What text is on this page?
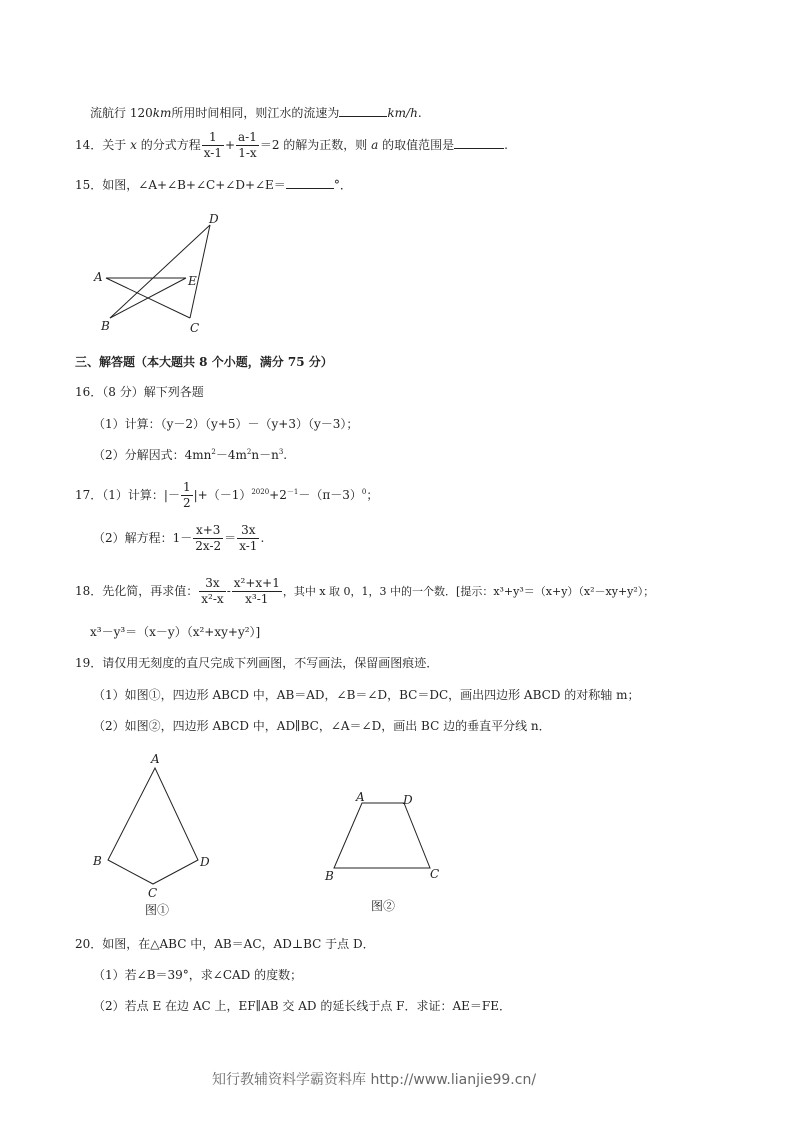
流航行 120km所用时间相同，则江水的流速为	km/h.
14．关于 x 的分式方程 $\frac{1}{x-1} + \frac{a-1}{1-x} =2$ 的解为正数，则 a 的取值范围是	.
15．如图，∠A+∠B+∠C+∠D+∠E＝	°．
A
B	C
D
E
三、解答题（本大题共 8 个小题，满分 75 分）
16．（8 分）解下列各题
（1）计算：（y－2）（y+5）－（y+3）（y－3）；
（2）分解因式：$4mn^2-4m^2n-n^3$.
17．（1）计算：|－ $\frac{1}{2} |+(-1)^{2020}+2^{-1}-(\pi-3)^0$；
（2）解方程：$1- \frac{x+3}{2x-2} = \frac{3x}{x-1}$ .
18．先化简，再求值： $\frac{3x}{\text{x²-x}} - \frac{\text{x²+x+1}}{\text{x³-1}}$ ，其中 x 取 0，1，3 中的一个数．[提示：x³+y³＝（x+y）（x²－xy+y²）；
x³－y³＝（x－y）（x²+xy+y²）]
19．请仅用无刻度的直尺完成下列画图，不写画法，保留画图痕迹．
（1）如图①，四边形 ABCD 中，AB＝AD，∠B＝∠D，BC＝DC，画出四边形 ABCD 的对称轴 m；
（2）如图②，四边形 ABCD 中，AD∥BC，∠A＝∠D，画出 BC 边的垂直平分线 n．
A
B
C
D
A	D
B	C
图①	图②
20．如图，在△ABC 中，AB＝AC，AD⊥BC 于点 D．
（1）若∠B＝39°，求∠CAD 的度数；
（2）若点 E 在边 AC 上，EF∥AB 交 AD 的延长线于点 F．求证：AE＝FE．
知行教辅资料学霸资料库 http://www.lianjie99.cn/
